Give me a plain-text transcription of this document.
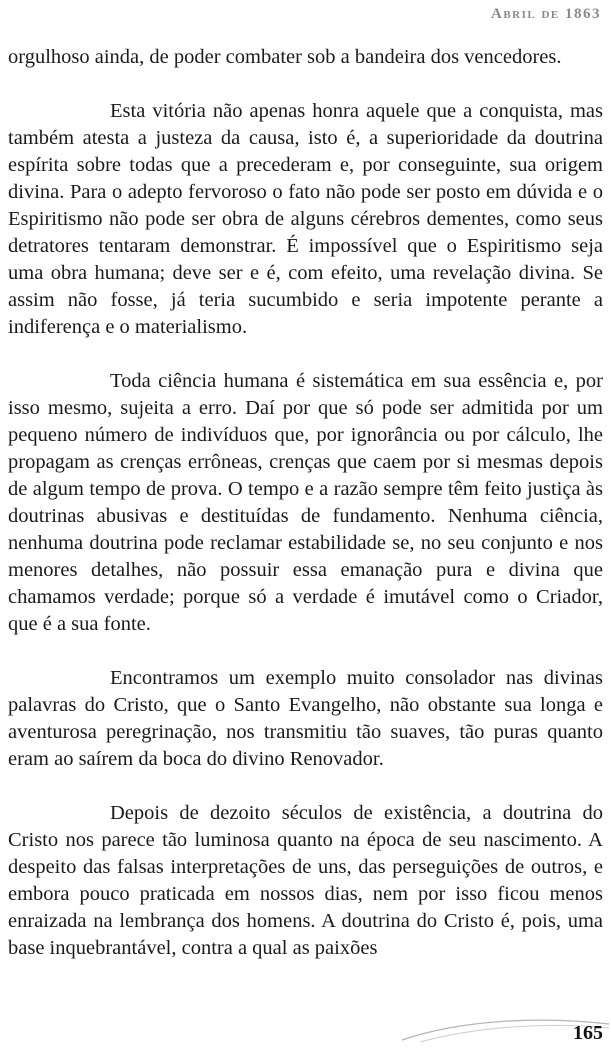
Abril de 1863

orgulhoso ainda, de poder combater sob a bandeira dos vencedores.

Esta vitória não apenas honra aquele que a conquista, mas também atesta a justeza da causa, isto é, a superioridade da doutrina espírita sobre todas que a precederam e, por conseguinte, sua origem divina. Para o adepto fervoroso o fato não pode ser posto em dúvida e o Espiritismo não pode ser obra de alguns cérebros dementes, como seus detratores tentaram demonstrar. É impossível que o Espiritismo seja uma obra humana; deve ser e é, com efeito, uma revelação divina. Se assim não fosse, já teria sucumbido e seria impotente perante a indiferença e o materialismo.

Toda ciência humana é sistemática em sua essência e, por isso mesmo, sujeita a erro. Daí por que só pode ser admitida por um pequeno número de indivíduos que, por ignorância ou por cálculo, lhe propagam as crenças errôneas, crenças que caem por si mesmas depois de algum tempo de prova. O tempo e a razão sempre têm feito justiça às doutrinas abusivas e destituídas de fundamento. Nenhuma ciência, nenhuma doutrina pode reclamar estabilidade se, no seu conjunto e nos menores detalhes, não possuir essa emanação pura e divina que chamamos verdade; porque só a verdade é imutável como o Criador, que é a sua fonte.

Encontramos um exemplo muito consolador nas divinas palavras do Cristo, que o Santo Evangelho, não obstante sua longa e aventurosa peregrinação, nos transmitiu tão suaves, tão puras quanto eram ao saírem da boca do divino Renovador.

Depois de dezoito séculos de existência, a doutrina do Cristo nos parece tão luminosa quanto na época de seu nascimento. A despeito das falsas interpretações de uns, das perseguições de outros, e embora pouco praticada em nossos dias, nem por isso ficou menos enraizada na lembrança dos homens. A doutrina do Cristo é, pois, uma base inquebrantável, contra a qual as paixões

165
